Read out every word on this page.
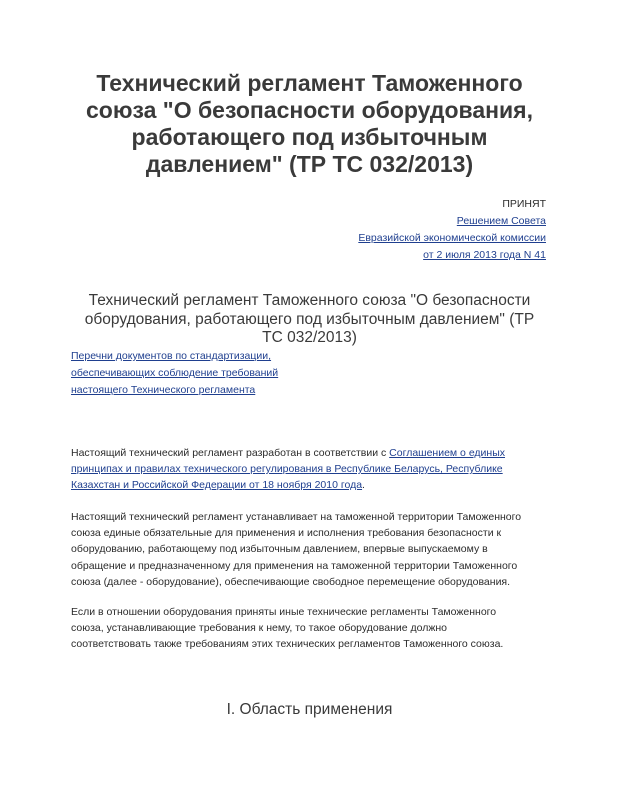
Технический регламент Таможенного
союза "О безопасности оборудования,
работающего под избыточным
давлением" (ТР ТС 032/2013)
ПРИНЯТ
Решением Совета
Евразийской экономической комиссии
от 2 июля 2013 года N 41
Технический регламент Таможенного союза "О безопасности
оборудования, работающего под избыточным давлением" (ТР
ТС 032/2013)
Перечни документов по стандартизации,
обеспечивающих соблюдение требований
настоящего Технического регламента

Настоящий технический регламент разработан в соответствии с Соглашением о единых
принципах и правилах технического регулирования в Республике Беларусь, Республике
Казахстан и Российской Федерации от 18 ноября 2010 года.

Настоящий технический регламент устанавливает на таможенной территории Таможенного
союза единые обязательные для применения и исполнения требования безопасности к
оборудованию, работающему под избыточным давлением, впервые выпускаемому в
обращение и предназначенному для применения на таможенной территории Таможенного
союза (далее - оборудование), обеспечивающие свободное перемещение оборудования.

Если в отношении оборудования приняты иные технические регламенты Таможенного
союза, устанавливающие требования к нему, то такое оборудование должно
соответствовать также требованиям этих технических регламентов Таможенного союза.

I. Область применения
